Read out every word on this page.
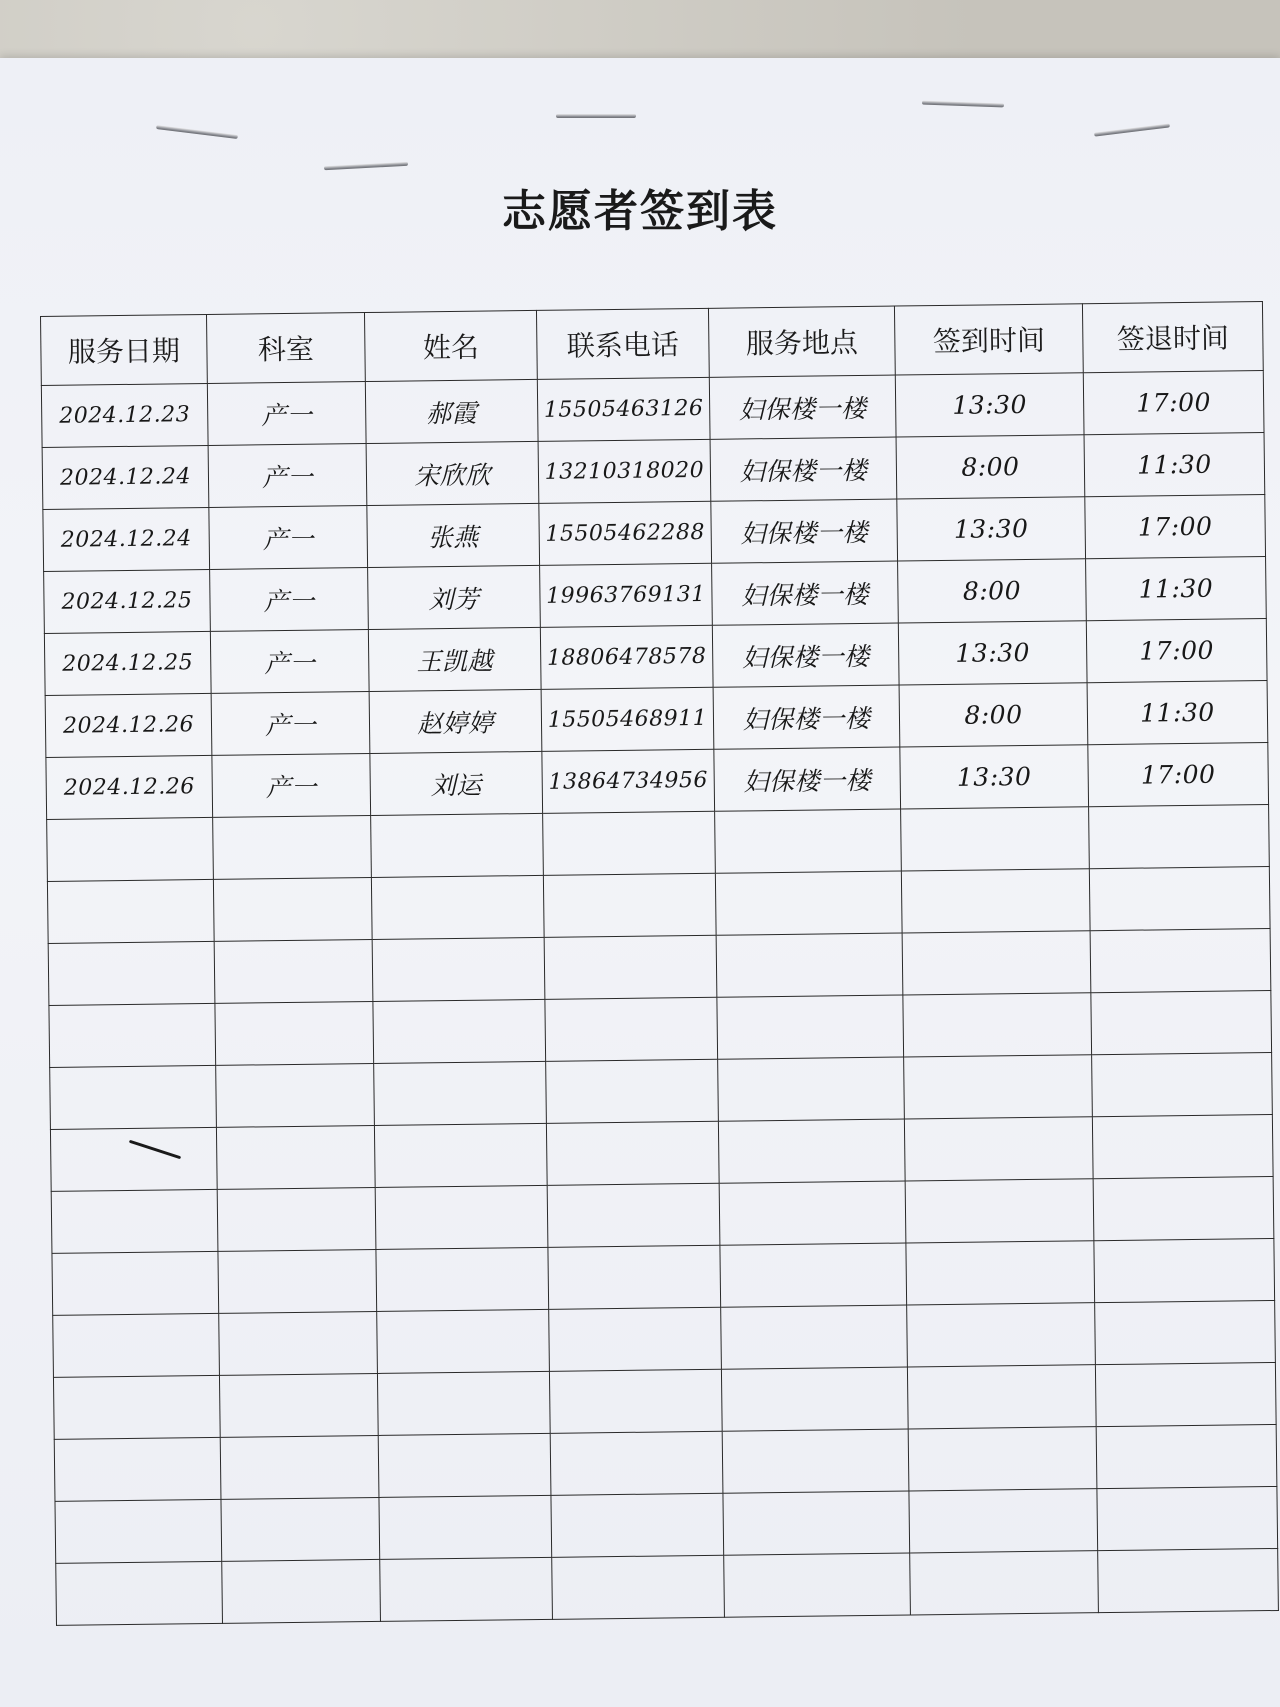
志愿者签到表
服务日期	科室	姓名	联系电话	服务地点	签到时间	签退时间
2024.12.23	产一	郝霞	15505463126	妇保楼一楼	13:30	17:00
2024.12.24	产一	宋欣欣	13210318020	妇保楼一楼	8:00	11:30
2024.12.24	产一	张燕	15505462288	妇保楼一楼	13:30	17:00
2024.12.25	产一	刘芳	19963769131	妇保楼一楼	8:00	11:30
2024.12.25	产一	王凯越	18806478578	妇保楼一楼	13:30	17:00
2024.12.26	产一	赵婷婷	15505468911	妇保楼一楼	8:00	11:30
2024.12.26	产一	刘运	13864734956	妇保楼一楼	13:30	17:00
